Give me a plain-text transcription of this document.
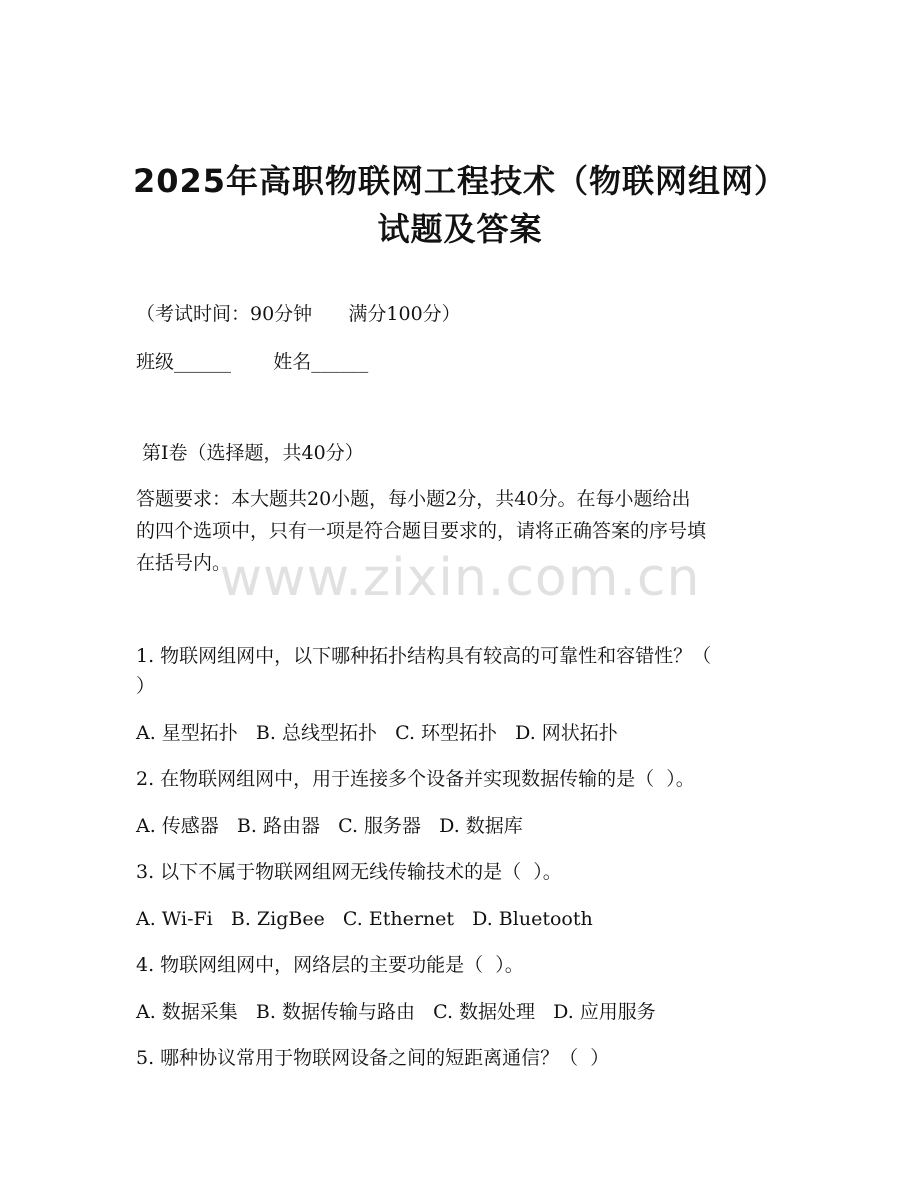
2025年高职物联网工程技术（物联网组网）
试题及答案
（考试时间：90分钟      满分100分）
班级______       姓名______
第Ⅰ卷（选择题，共40分）
答题要求：本大题共20小题，每小题2分，共40分。在每小题给出
的四个选项中，只有一项是符合题目要求的，请将正确答案的序号填
在括号内。
www.zixin.com.cn
1. 物联网组网中，以下哪种拓扑结构具有较高的可靠性和容错性？（
）
A. 星型拓扑   B. 总线型拓扑   C. 环型拓扑   D. 网状拓扑
2. 在物联网组网中，用于连接多个设备并实现数据传输的是（  ）。
A. 传感器   B. 路由器   C. 服务器   D. 数据库
3. 以下不属于物联网组网无线传输技术的是（  ）。
A. Wi-Fi   B. ZigBee   C. Ethernet   D. Bluetooth
4. 物联网组网中，网络层的主要功能是（  ）。
A. 数据采集   B. 数据传输与路由   C. 数据处理   D. 应用服务
5. 哪种协议常用于物联网设备之间的短距离通信？（  ）
